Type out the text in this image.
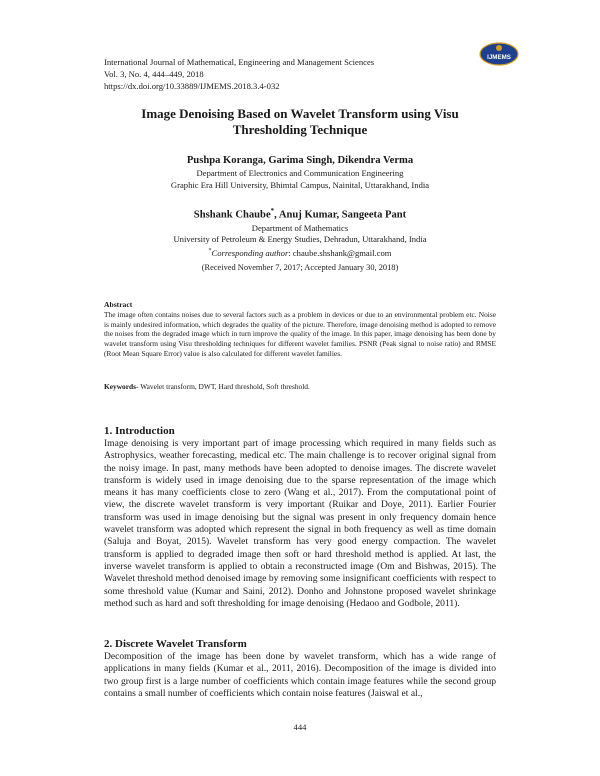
International Journal of Mathematical, Engineering and Management Sciences
Vol. 3, No. 4, 444–449, 2018
https://dx.doi.org/10.33889/IJMEMS.2018.3.4-032
IJMEMS
Image Denoising Based on Wavelet Transform using Visu Thresholding Technique
Pushpa Koranga, Garima Singh, Dikendra Verma
Department of Electronics and Communication Engineering
Graphic Era Hill University, Bhimtal Campus, Nainital, Uttarakhand, India
Shshank Chaube*, Anuj Kumar, Sangeeta Pant
Department of Mathematics
University of Petroleum & Energy Studies, Dehradun, Uttarakhand, India
*Corresponding author: chaube.shshank@gmail.com
(Received November 7, 2017; Accepted January 30, 2018)
Abstract
The image often contains noises due to several factors such as a problem in devices or due to an environmental problem etc. Noise is mainly undesired information, which degrades the quality of the picture. Therefore, image denoising method is adopted to remove the noises from the degraded image which in turn improve the quality of the image. In this paper, image denoising has been done by wavelet transform using Visu thresholding techniques for different wavelet families. PSNR (Peak signal to noise ratio) and RMSE (Root Mean Square Error) value is also calculated for different wavelet families.
Keywords- Wavelet transform, DWT, Hard threshold, Soft threshold.
1. Introduction

Image denoising is very important part of image processing which required in many fields such as Astrophysics, weather forecasting, medical etc. The main challenge is to recover original signal from the noisy image. In past, many methods have been adopted to denoise images. The discrete wavelet transform is widely used in image denoising due to the sparse representation of the image which means it has many coefficients close to zero (Wang et al., 2017). From the computational point of view, the discrete wavelet transform is very important (Ruikar and Doye, 2011). Earlier Fourier transform was used in image denoising but the signal was present in only frequency domain hence wavelet transform was adopted which represent the signal in both frequency as well as time domain (Saluja and Boyat, 2015). Wavelet transform has very good energy compaction. The wavelet transform is applied to degraded image then soft or hard threshold method is applied. At last, the inverse wavelet transform is applied to obtain a reconstructed image (Om and Bishwas, 2015). The Wavelet threshold method denoised image by removing some insignificant coefficients with respect to some threshold value (Kumar and Saini, 2012). Donho and Johnstone proposed wavelet shrinkage method such as hard and soft thresholding for image denoising (Hedaoo and Godbole, 2011).

2. Discrete Wavelet Transform

Decomposition of the image has been done by wavelet transform, which has a wide range of applications in many fields (Kumar et al., 2011, 2016). Decomposition of the image is divided into two group first is a large number of coefficients which contain image features while the second group contains a small number of coefficients which contain noise features (Jaiswal et al.,

444
